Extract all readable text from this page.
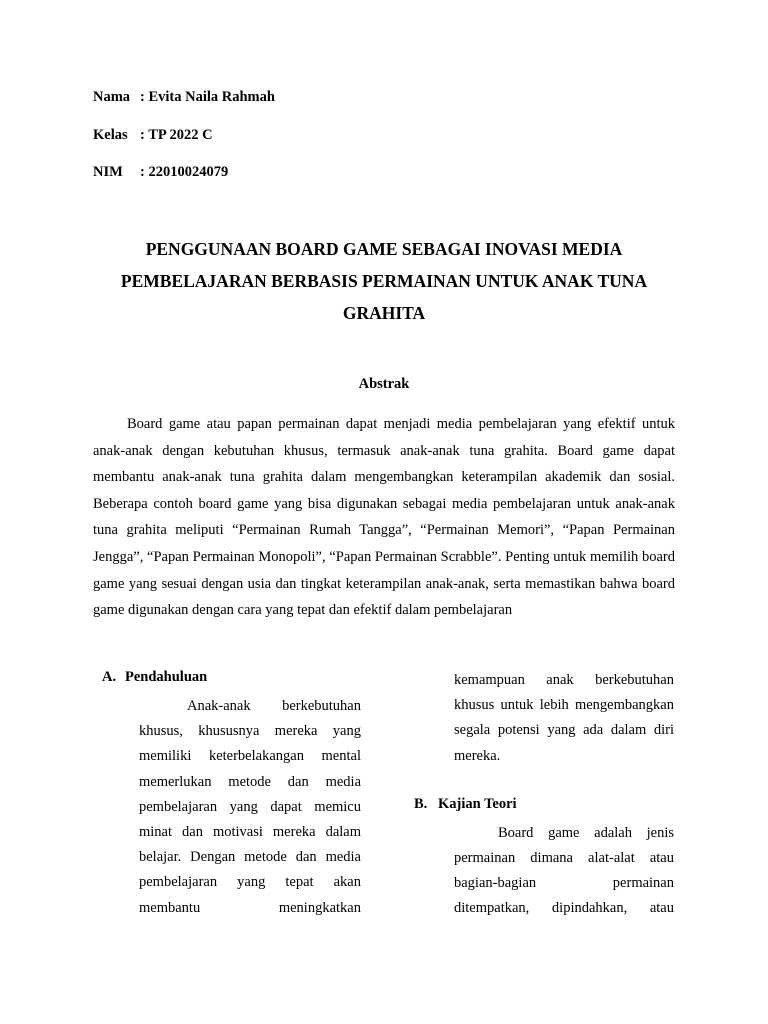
Nama : Evita Naila Rahmah
Kelas : TP 2022 C
NIM : 22010024079
PENGGUNAAN BOARD GAME SEBAGAI INOVASI MEDIA PEMBELAJARAN BERBASIS PERMAINAN UNTUK ANAK TUNA GRAHITA
Abstrak

Board game atau papan permainan dapat menjadi media pembelajaran yang efektif untuk anak-anak dengan kebutuhan khusus, termasuk anak-anak tuna grahita. Board game dapat membantu anak-anak tuna grahita dalam mengembangkan keterampilan akademik dan sosial. Beberapa contoh board game yang bisa digunakan sebagai media pembelajaran untuk anak-anak tuna grahita meliputi “Permainan Rumah Tangga”, “Permainan Memori”, “Papan Permainan Jengga”, “Papan Permainan Monopoli”, “Papan Permainan Scrabble”. Penting untuk memilih board game yang sesuai dengan usia dan tingkat keterampilan anak-anak, serta memastikan bahwa board game digunakan dengan cara yang tepat dan efektif dalam pembelajaran

A. Pendahuluan

Anak-anak berkebutuhan khusus, khususnya mereka yang memiliki keterbelakangan mental memerlukan metode dan media pembelajaran yang dapat memicu minat dan motivasi mereka dalam belajar. Dengan metode dan media pembelajaran yang tepat akan membantu meningkatkan

kemampuan anak berkebutuhan khusus untuk lebih mengembangkan segala potensi yang ada dalam diri mereka.

B. Kajian Teori

Board game adalah jenis permainan dimana alat-alat atau bagian-bagian permainan ditempatkan, dipindahkan, atau
